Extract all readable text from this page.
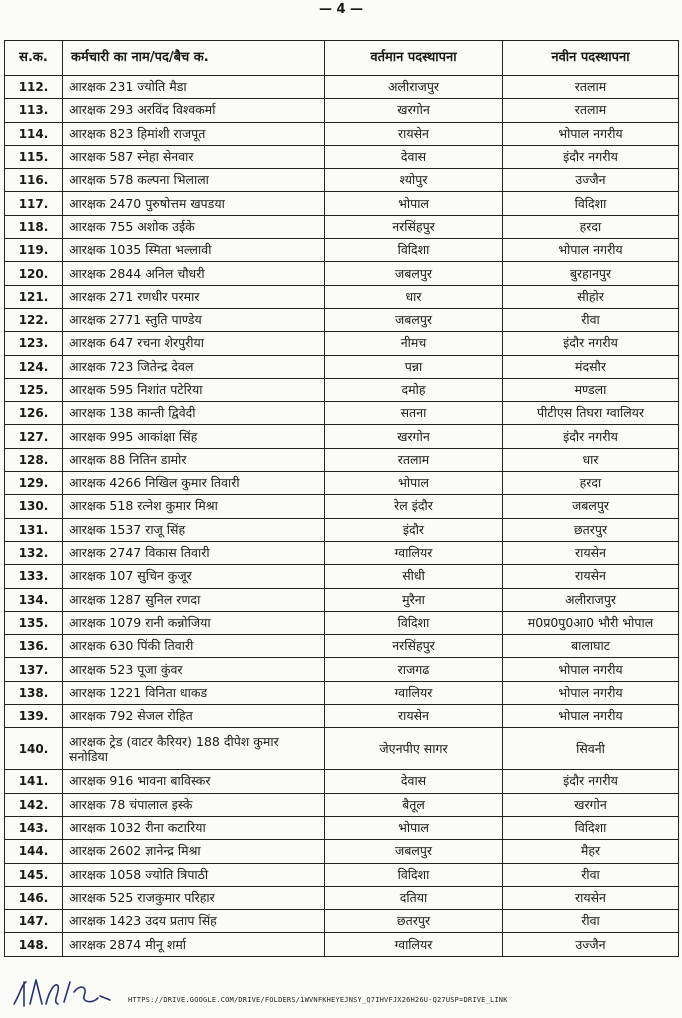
— 4 —
स.क.	कर्मचारी का नाम/पद/बैच क.	वर्तमान पदस्थापना	नवीन पदस्थापना
112.	आरक्षक 231 ज्योति मैडा	अलीराजपुर	रतलाम
113.	आरक्षक 293 अरविंद विश्वकर्मा	खरगोन	रतलाम
114.	आरक्षक 823 हिमांशी राजपूत	रायसेन	भोपाल नगरीय
115.	आरक्षक 587 स्नेहा सेनवार	देवास	इंदौर नगरीय
116.	आरक्षक 578 कल्पना भिलाला	श्योपुर	उज्जैन
117.	आरक्षक 2470 पुरुषोत्तम खपडया	भोपाल	विदिशा
118.	आरक्षक 755 अशोक उईके	नरसिंहपुर	हरदा
119.	आरक्षक 1035 स्मिता भल्लावी	विदिशा	भोपाल नगरीय
120.	आरक्षक 2844 अनिल चौधरी	जबलपुर	बुरहानपुर
121.	आरक्षक 271 रणधीर परमार	धार	सीहोर
122.	आरक्षक 2771 स्तुति पाण्डेय	जबलपुर	रीवा
123.	आरक्षक 647 रचना शेरपुरीया	नीमच	इंदौर नगरीय
124.	आरक्षक 723 जितेन्द्र देवल	पन्ना	मंदसौर
125.	आरक्षक 595 निशांत पटेरिया	दमोह	मण्डला
126.	आरक्षक 138 कान्ती द्विवेदी	सतना	पीटीएस तिघरा ग्वालियर
127.	आरक्षक 995 आकांक्षा सिंह	खरगोन	इंदौर नगरीय
128.	आरक्षक 88 नितिन डामोर	रतलाम	धार
129.	आरक्षक 4266 निखिल कुमार तिवारी	भोपाल	हरदा
130.	आरक्षक 518 रत्नेश कुमार मिश्रा	रेल इंदौर	जबलपुर
131.	आरक्षक 1537 राजू सिंह	इंदौर	छतरपुर
132.	आरक्षक 2747 विकास तिवारी	ग्वालियर	रायसेन
133.	आरक्षक 107 सुचिन कुजूर	सीधी	रायसेन
134.	आरक्षक 1287 सुनिल रणदा	मुरैना	अलीराजपुर
135.	आरक्षक 1079 रानी कन्नोजिया	विदिशा	म0प्र0पु0आ0 भौरी भोपाल
136.	आरक्षक 630 पिंकी तिवारी	नरसिंहपुर	बालाघाट
137.	आरक्षक 523 पूजा कुंवर	राजगढ	भोपाल नगरीय
138.	आरक्षक 1221 विनिता धाकड	ग्वालियर	भोपाल नगरीय
139.	आरक्षक 792 सेजल रोहित	रायसेन	भोपाल नगरीय
140.	आरक्षक ट्रेड (वाटर कैरियर) 188 दीपेश कुमार सनोडिया	जेएनपीए सागर	सिवनी
141.	आरक्षक 916 भावना बाविस्कर	देवास	इंदौर नगरीय
142.	आरक्षक 78 चंपालाल इस्के	बैतूल	खरगोन
143.	आरक्षक 1032 रीना कटारिया	भोपाल	विदिशा
144.	आरक्षक 2602 ज्ञानेन्द्र मिश्रा	जबलपुर	मैहर
145.	आरक्षक 1058 ज्योति त्रिपाठी	विदिशा	रीवा
146.	आरक्षक 525 राजकुमार परिहार	दतिया	रायसेन
147.	आरक्षक 1423 उदय प्रताप सिंह	छतरपुर	रीवा
148.	आरक्षक 2874 मीनू शर्मा	ग्वालियर	उज्जैन
HTTPS://DRIVE.GOOGLE.COM/DRIVE/FOLDERS/1WVNFKHEYEJNSY_Q7IHVFJX26H26U-Q27USP=DRIVE_LINK
